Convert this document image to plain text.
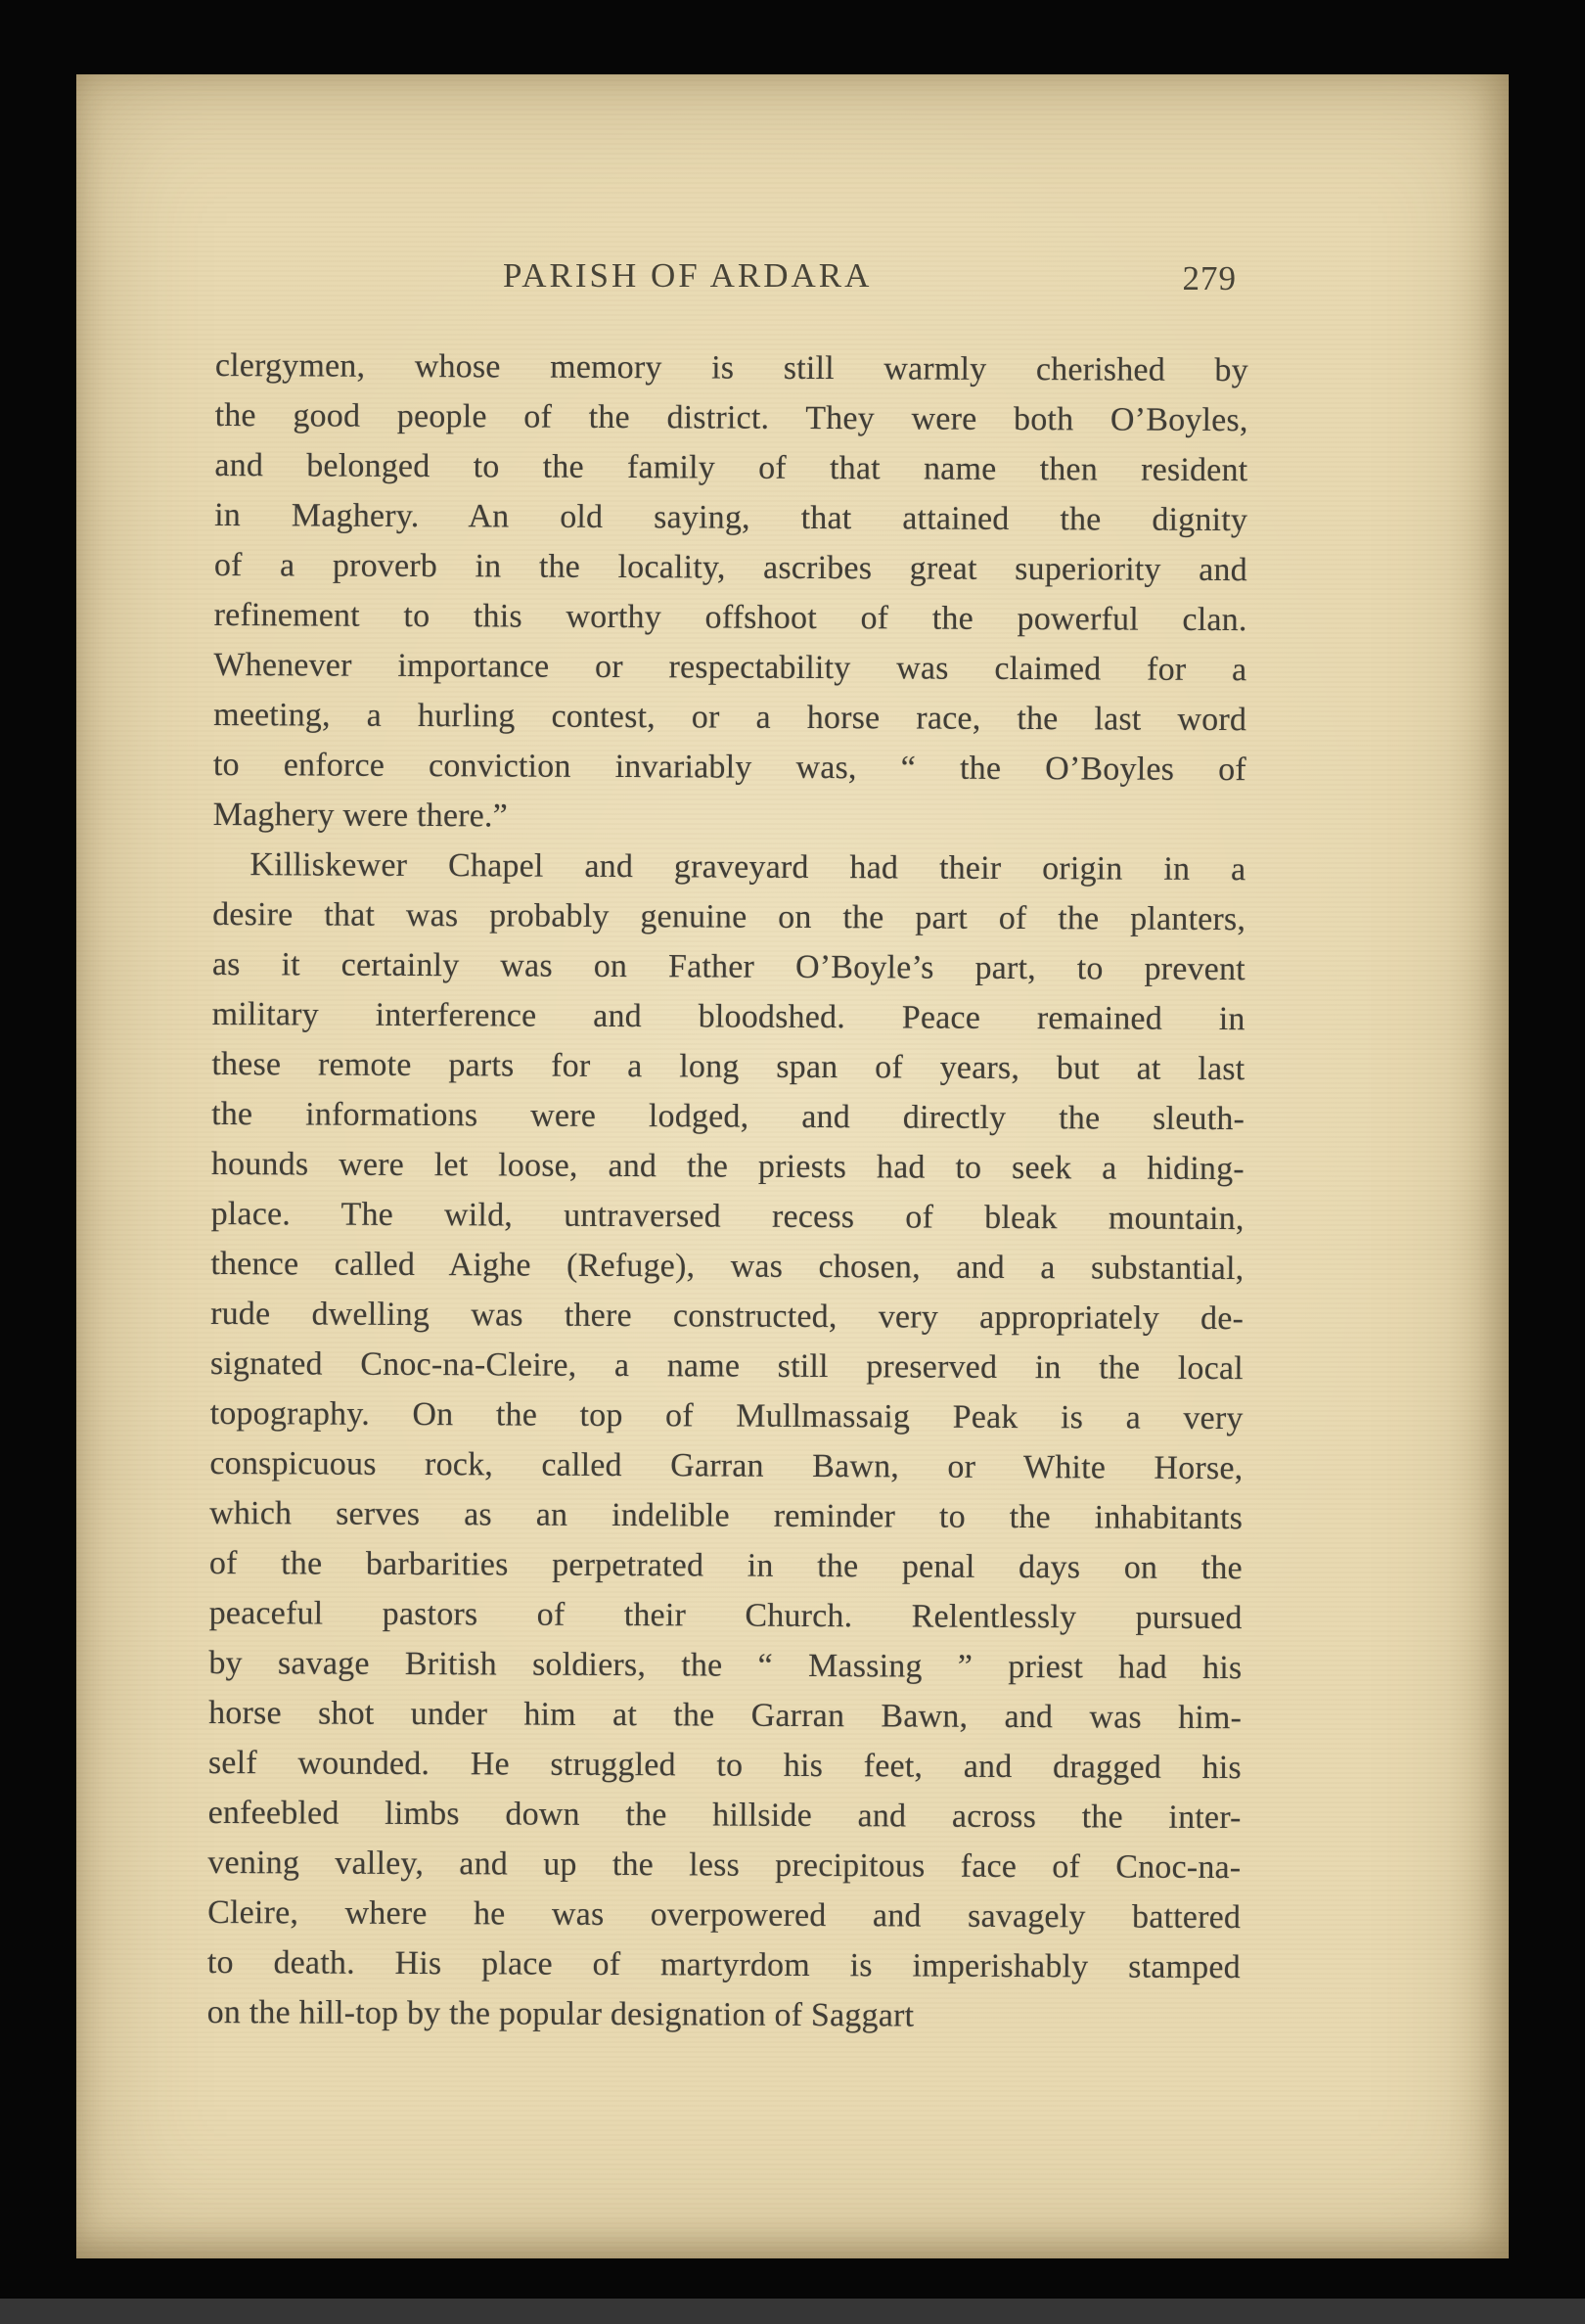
PARISH OF ARDARA	279
clergymen, whose memory is still warmly cherished by
the good people of the district. They were both O’Boyles,
and belonged to the family of that name then resident
in Maghery. An old saying, that attained the dignity
of a proverb in the locality, ascribes great superiority and
refinement to this worthy offshoot of the powerful clan.
Whenever importance or respectability was claimed for a
meeting, a hurling contest, or a horse race, the last word
to enforce conviction invariably was, “ the O’Boyles of
Maghery were there.”
Killiskewer Chapel and graveyard had their origin in a
desire that was probably genuine on the part of the planters,
as it certainly was on Father O’Boyle’s part, to prevent
military interference and bloodshed. Peace remained in
these remote parts for a long span of years, but at last
the informations were lodged, and directly the sleuth-
hounds were let loose, and the priests had to seek a hiding-
place. The wild, untraversed recess of bleak mountain,
thence called Aighe (Refuge), was chosen, and a substantial,
rude dwelling was there constructed, very appropriately de-
signated Cnoc-na-Cleire, a name still preserved in the local
topography. On the top of Mullmassaig Peak is a very
conspicuous rock, called Garran Bawn, or White Horse,
which serves as an indelible reminder to the inhabitants
of the barbarities perpetrated in the penal days on the
peaceful pastors of their Church. Relentlessly pursued
by savage British soldiers, the “ Massing ” priest had his
horse shot under him at the Garran Bawn, and was him-
self wounded. He struggled to his feet, and dragged his
enfeebled limbs down the hillside and across the inter-
vening valley, and up the less precipitous face of Cnoc-na-
Cleire, where he was overpowered and savagely battered
to death. His place of martyrdom is imperishably stamped
on the hill-top by the popular designation of Saggart
